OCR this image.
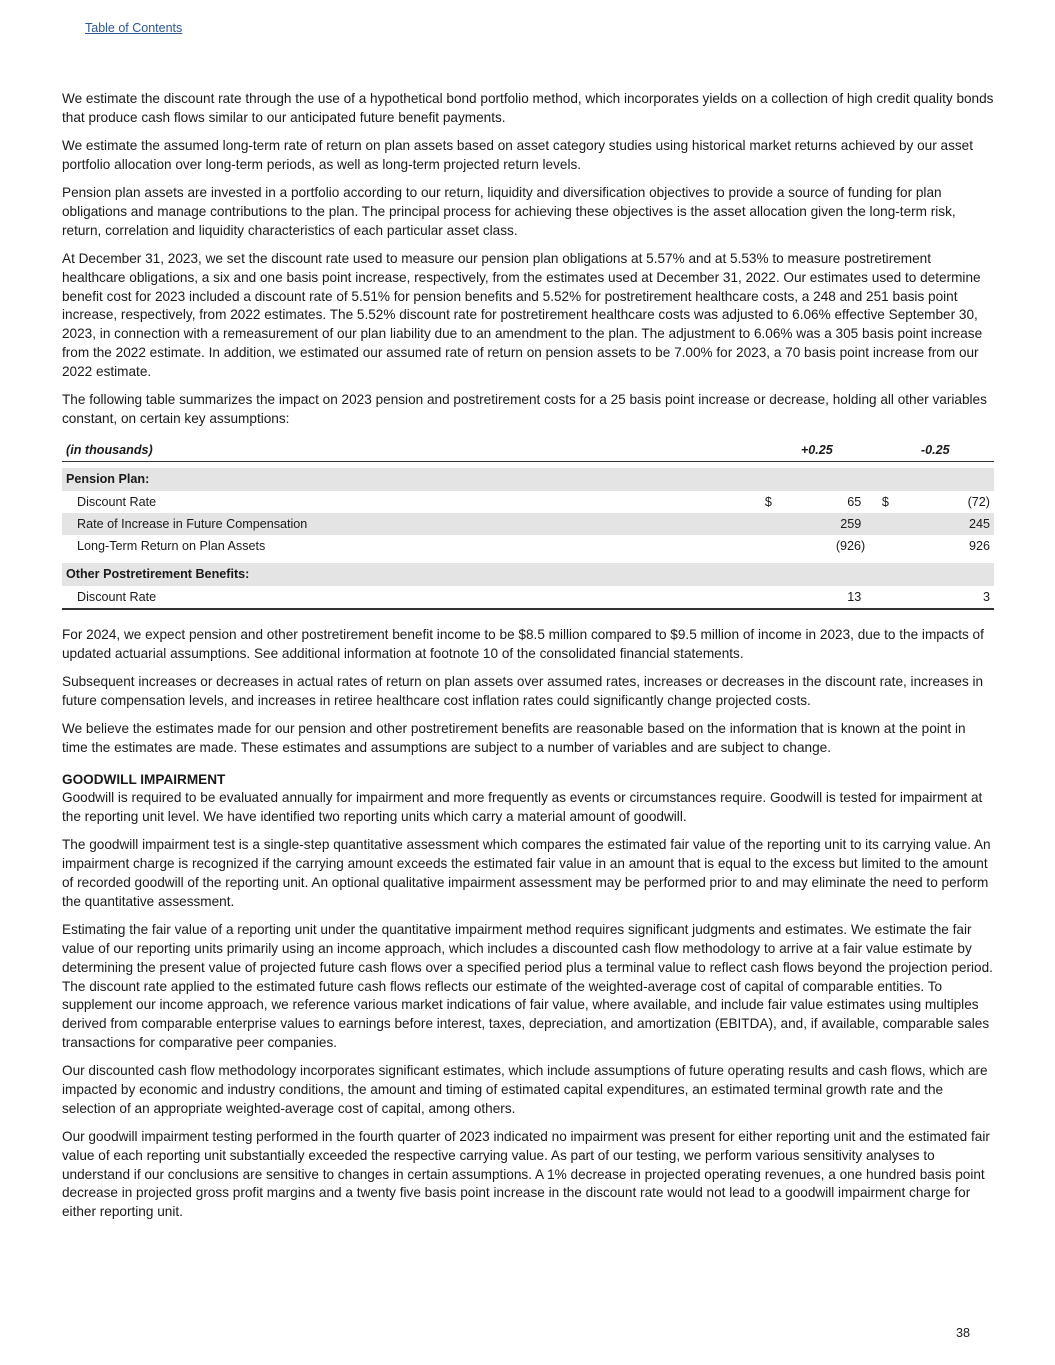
Table of Contents

We estimate the discount rate through the use of a hypothetical bond portfolio method, which incorporates yields on a collection of high credit quality bonds that produce cash flows similar to our anticipated future benefit payments.

We estimate the assumed long-term rate of return on plan assets based on asset category studies using historical market returns achieved by our asset portfolio allocation over long-term periods, as well as long-term projected return levels.

Pension plan assets are invested in a portfolio according to our return, liquidity and diversification objectives to provide a source of funding for plan obligations and manage contributions to the plan. The principal process for achieving these objectives is the asset allocation given the long-term risk, return, correlation and liquidity characteristics of each particular asset class.

At December 31, 2023, we set the discount rate used to measure our pension plan obligations at 5.57% and at 5.53% to measure postretirement healthcare obligations, a six and one basis point increase, respectively, from the estimates used at December 31, 2022. Our estimates used to determine benefit cost for 2023 included a discount rate of 5.51% for pension benefits and 5.52% for postretirement healthcare costs, a 248 and 251 basis point increase, respectively, from 2022 estimates. The 5.52% discount rate for postretirement healthcare costs was adjusted to 6.06% effective September 30, 2023, in connection with a remeasurement of our plan liability due to an amendment to the plan. The adjustment to 6.06% was a 305 basis point increase from the 2022 estimate. In addition, we estimated our assumed rate of return on pension assets to be 7.00% for 2023, a 70 basis point increase from our 2022 estimate.

The following table summarizes the impact on 2023 pension and postretirement costs for a 25 basis point increase or decrease, holding all other variables constant, on certain key assumptions:

(in thousands)		+0.25		-0.25

Pension Plan:				
Discount Rate	$	65	$	(72)
Rate of Increase in Future Compensation		259		245
Long-Term Return on Plan Assets		(926)		926

Other Postretirement Benefits:				
Discount Rate		13		3

For 2024, we expect pension and other postretirement benefit income to be $8.5 million compared to $9.5 million of income in 2023, due to the impacts of updated actuarial assumptions. See additional information at footnote 10 of the consolidated financial statements.

Subsequent increases or decreases in actual rates of return on plan assets over assumed rates, increases or decreases in the discount rate, increases in future compensation levels, and increases in retiree healthcare cost inflation rates could significantly change projected costs.

We believe the estimates made for our pension and other postretirement benefits are reasonable based on the information that is known at the point in time the estimates are made. These estimates and assumptions are subject to a number of variables and are subject to change.

GOODWILL IMPAIRMENT

Goodwill is required to be evaluated annually for impairment and more frequently as events or circumstances require. Goodwill is tested for impairment at the reporting unit level. We have identified two reporting units which carry a material amount of goodwill.

The goodwill impairment test is a single-step quantitative assessment which compares the estimated fair value of the reporting unit to its carrying value. An impairment charge is recognized if the carrying amount exceeds the estimated fair value in an amount that is equal to the excess but limited to the amount of recorded goodwill of the reporting unit. An optional qualitative impairment assessment may be performed prior to and may eliminate the need to perform the quantitative assessment.

Estimating the fair value of a reporting unit under the quantitative impairment method requires significant judgments and estimates. We estimate the fair value of our reporting units primarily using an income approach, which includes a discounted cash flow methodology to arrive at a fair value estimate by determining the present value of projected future cash flows over a specified period plus a terminal value to reflect cash flows beyond the projection period. The discount rate applied to the estimated future cash flows reflects our estimate of the weighted-average cost of capital of comparable entities. To supplement our income approach, we reference various market indications of fair value, where available, and include fair value estimates using multiples derived from comparable enterprise values to earnings before interest, taxes, depreciation, and amortization (EBITDA), and, if available, comparable sales transactions for comparative peer companies.

Our discounted cash flow methodology incorporates significant estimates, which include assumptions of future operating results and cash flows, which are impacted by economic and industry conditions, the amount and timing of estimated capital expenditures, an estimated terminal growth rate and the selection of an appropriate weighted-average cost of capital, among others.

Our goodwill impairment testing performed in the fourth quarter of 2023 indicated no impairment was present for either reporting unit and the estimated fair value of each reporting unit substantially exceeded the respective carrying value. As part of our testing, we perform various sensitivity analyses to understand if our conclusions are sensitive to changes in certain assumptions. A 1% decrease in projected operating revenues, a one hundred basis point decrease in projected gross profit margins and a twenty five basis point increase in the discount rate would not lead to a goodwill impairment charge for either reporting unit.

38
